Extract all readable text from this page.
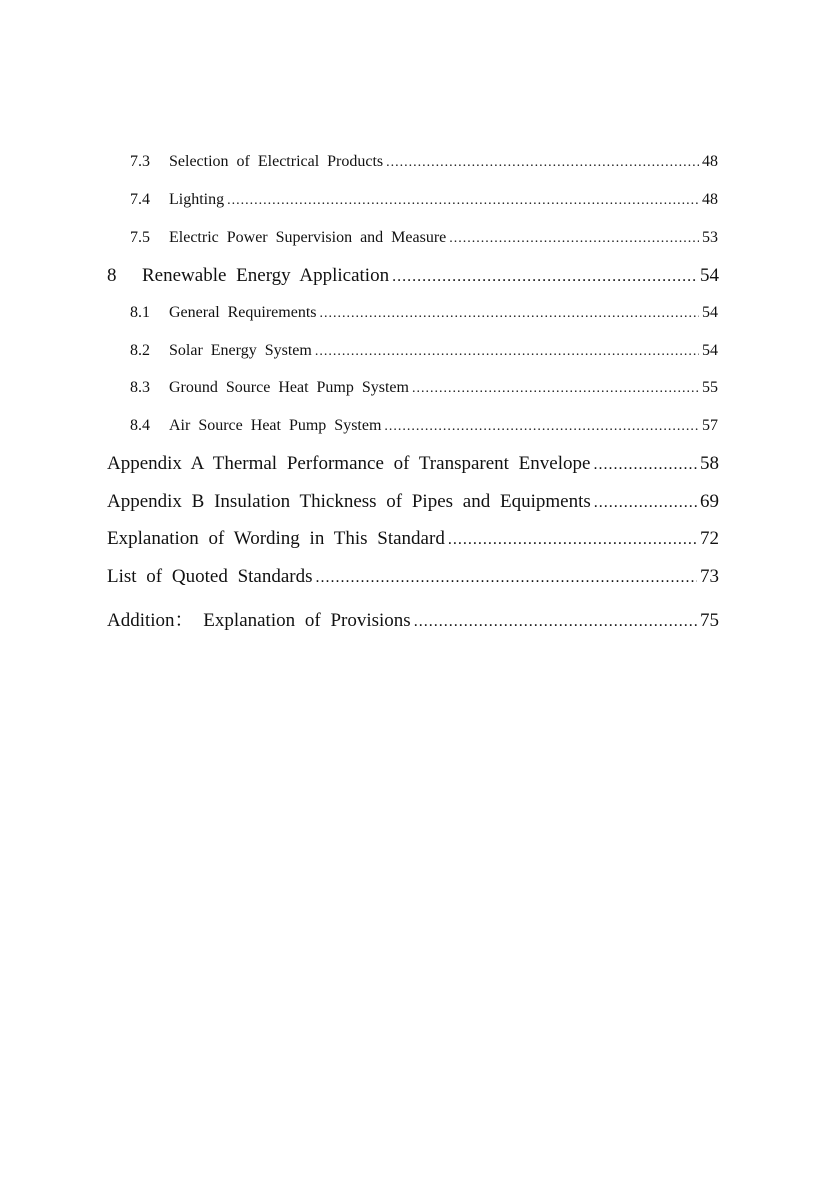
7.3	Selection of Electrical Products .....	48
7.4	Lighting .....	48
7.5	Electric Power Supervision and Measure .....	53
8	Renewable Energy Application .....	54
8.1	General Requirements .....	54
8.2	Solar Energy System .....	54
8.3	Ground Source Heat Pump System .....	55
8.4	Air Source Heat Pump System .....	57
Appendix A Thermal Performance of Transparent Envelope .....	58
Appendix B Insulation Thickness of Pipes and Equipments .....	69
Explanation of Wording in This Standard .....	72
List of Quoted Standards .....	73
Addition： Explanation of Provisions .....	75
